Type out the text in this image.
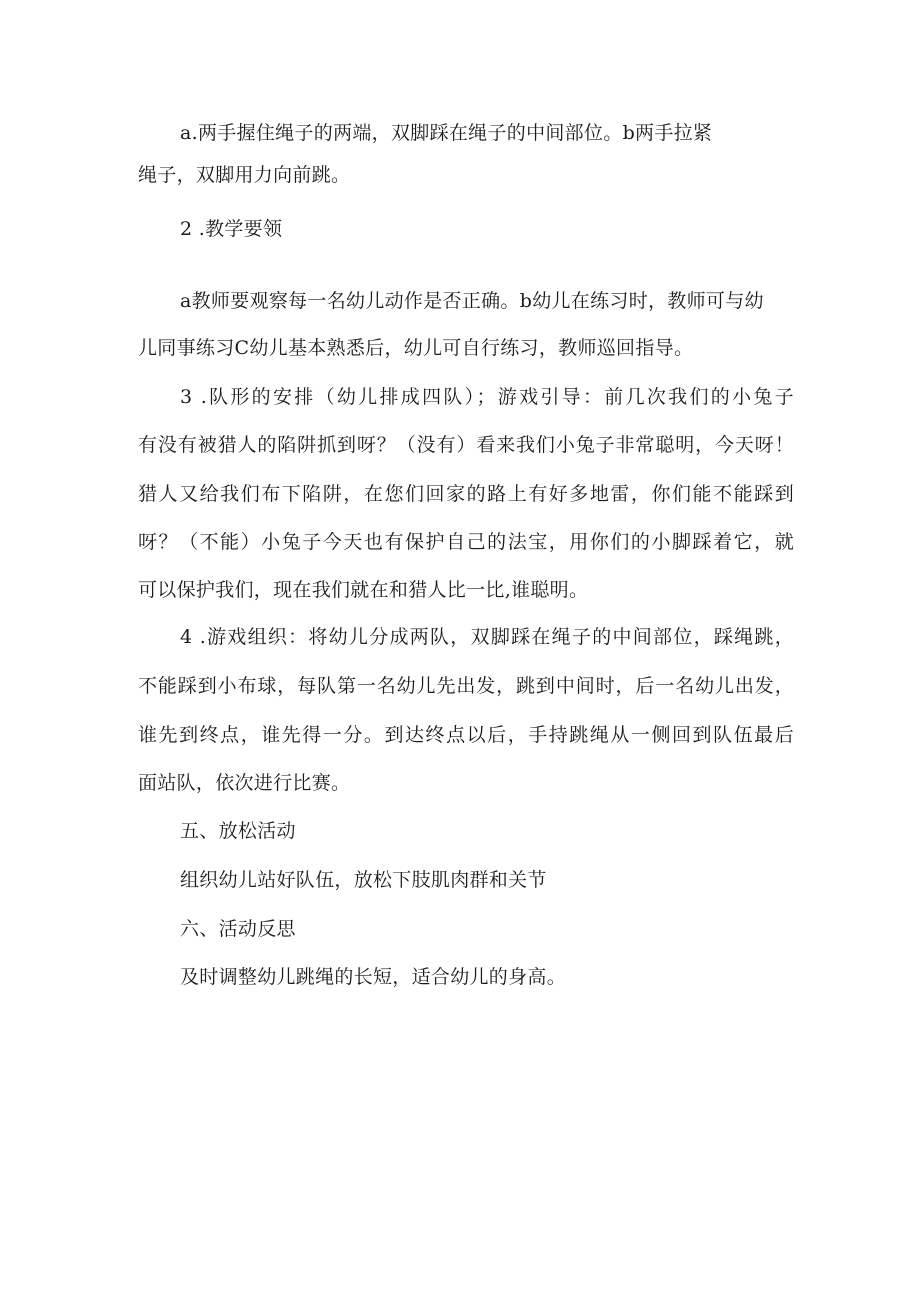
a.两手握住绳子的两端，双脚踩在绳子的中间部位。b两手拉紧
绳子，双脚用力向前跳。
2 .教学要领
a教师要观察每一名幼儿动作是否正确。b幼儿在练习时，教师可与幼
儿同事练习C幼儿基本熟悉后，幼儿可自行练习，教师巡回指导。
3 .队形的安排（幼儿排成四队）；游戏引导：前几次我们的小兔子
有没有被猎人的陷阱抓到呀？（没有）看来我们小兔子非常聪明，今天呀！
猎人又给我们布下陷阱，在您们回家的路上有好多地雷，你们能不能踩到
呀？（不能）小兔子今天也有保护自己的法宝，用你们的小脚踩着它，就
可以保护我们，现在我们就在和猎人比一比,谁聪明。
4 .游戏组织：将幼儿分成两队，双脚踩在绳子的中间部位，踩绳跳，
不能踩到小布球，每队第一名幼儿先出发，跳到中间时，后一名幼儿出发，
谁先到终点，谁先得一分。到达终点以后，手持跳绳从一侧回到队伍最后
面站队，依次进行比赛。
五、放松活动
组织幼儿站好队伍，放松下肢肌肉群和关节
六、活动反思
及时调整幼儿跳绳的长短，适合幼儿的身高。
